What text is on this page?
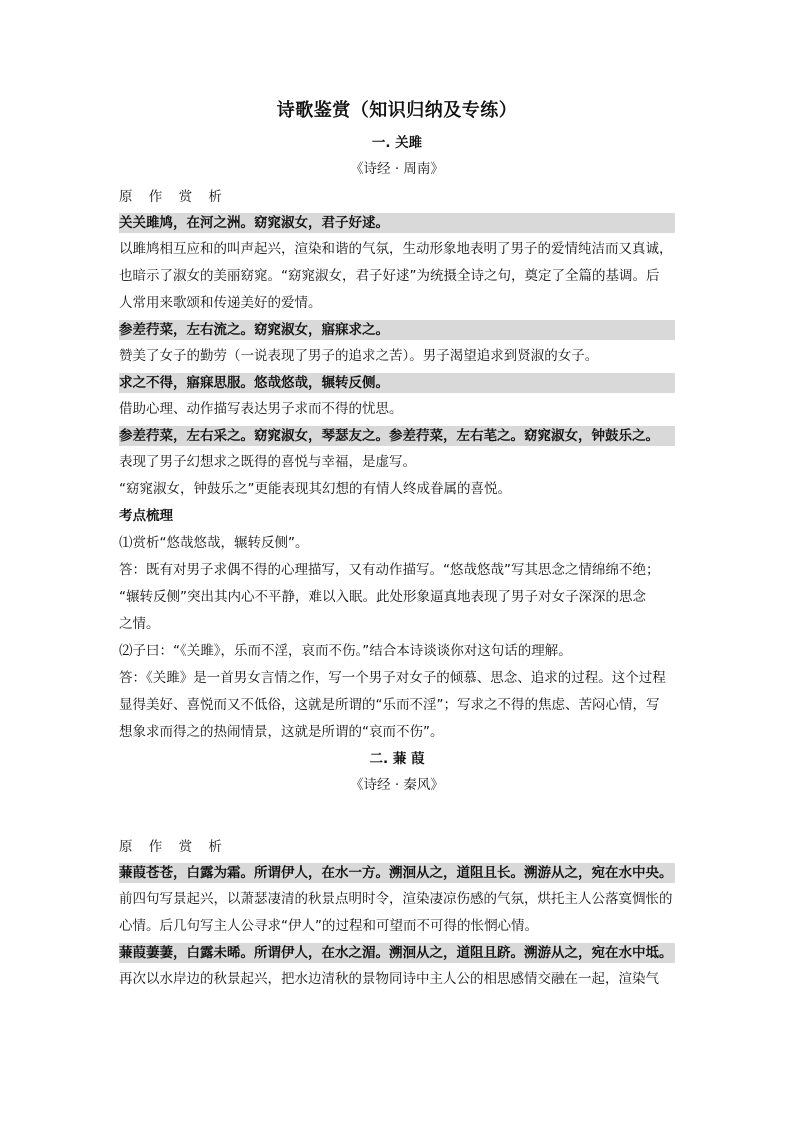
诗歌鉴赏（知识归纳及专练）
一. 关雎
《诗经 · 周南》
原 作 赏 析
关关雎鸠，在河之洲。窈窕淑女，君子好逑。
以雎鸠相互应和的叫声起兴，渲染和谐的气氛，生动形象地表明了男子的爱情纯洁而又真诚，
也暗示了淑女的美丽窈窕。“窈窕淑女，君子好逑”为统摄全诗之句，奠定了全篇的基调。后
人常用来歌颂和传递美好的爱情。
参差荇菜，左右流之。窈窕淑女，寤寐求之。
赞美了女子的勤劳（一说表现了男子的追求之苦）。男子渴望追求到贤淑的女子。
求之不得，寤寐思服。悠哉悠哉，辗转反侧。
借助心理、动作描写表达男子求而不得的忧思。
参差荇菜，左右采之。窈窕淑女，琴瑟友之。参差荇菜，左右芼之。窈窕淑女，钟鼓乐之。
表现了男子幻想求之既得的喜悦与幸福，是虚写。
“窈窕淑女，钟鼓乐之”更能表现其幻想的有情人终成眷属的喜悦。
考点梳理
⑴赏析“悠哉悠哉，辗转反侧”。
答：既有对男子求偶不得的心理描写，又有动作描写。“悠哉悠哉”写其思念之情绵绵不绝；
“辗转反侧”突出其内心不平静，难以入眠。此处形象逼真地表现了男子对女子深深的思念
之情。
⑵子曰：“《关雎》，乐而不淫，哀而不伤。”结合本诗谈谈你对这句话的理解。
答：《关雎》是一首男女言情之作，写一个男子对女子的倾慕、思念、追求的过程。这个过程
显得美好、喜悦而又不低俗，这就是所谓的“乐而不淫”；写求之不得的焦虑、苦闷心情，写
想象求而得之的热闹情景，这就是所谓的“哀而不伤”。
二. 蒹 葭
《诗经 · 秦风》
原 作 赏 析
蒹葭苍苍，白露为霜。所谓伊人，在水一方。溯洄从之，道阻且长。溯游从之，宛在水中央。
前四句写景起兴，以萧瑟凄清的秋景点明时令，渲染凄凉伤感的气氛，烘托主人公落寞惆怅的
心情。后几句写主人公寻求“伊人”的过程和可望而不可得的怅惘心情。
蒹葭萋萋，白露未晞。所谓伊人，在水之湄。溯洄从之，道阻且跻。溯游从之，宛在水中坻。
再次以水岸边的秋景起兴，把水边清秋的景物同诗中主人公的相思感情交融在一起，渲染气
